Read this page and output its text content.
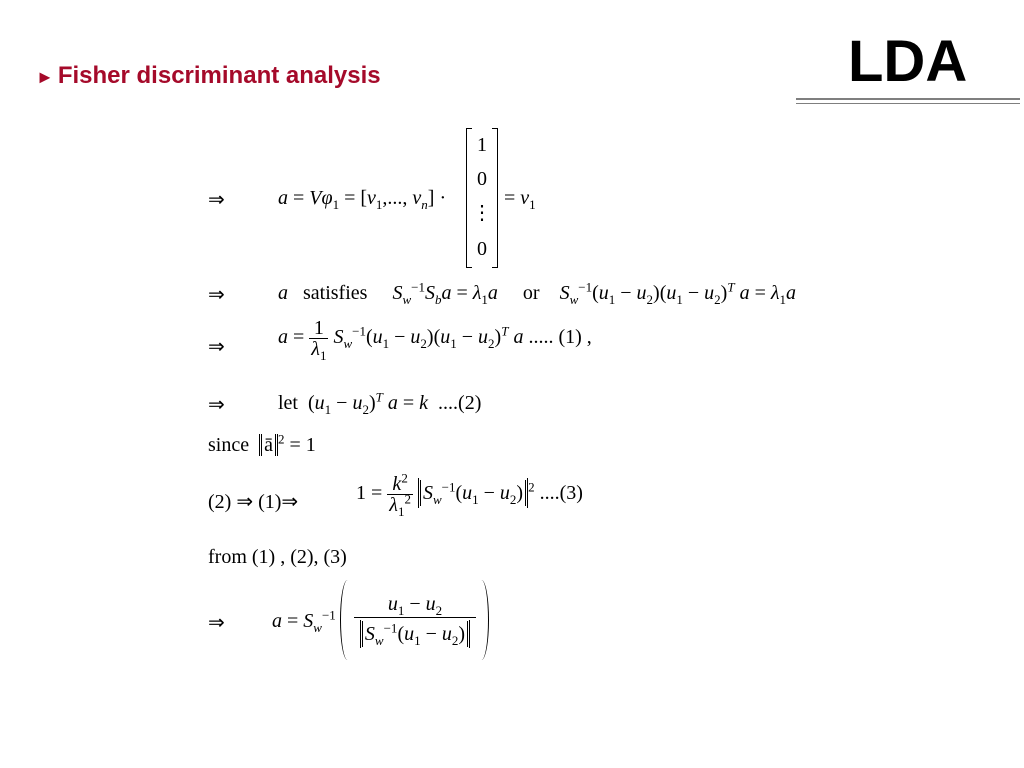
LDA
► Fisher discriminant analysis
⇒	$a = V\varphi_1 = [v_1$,..., $v_n$] ·
1
0
⋮
0
= $v_1$
⇒	a satisfies $S_w^{-1}S_ba = \lambda_1a$ or $S_w^{-1}(u_1 - u_2)(u_1 - u_2)^T$ $a = \lambda_1a$
⇒	$a = \frac{1}{\lambda_1} S_w^{-1}(u_1 - u_2)(u_1 - u_2)^T$ a ..... (1) ,
⇒	let  $(u_1 - u_2)^T$ a = k ....(2)
since ā $^2$ = 1
(2) ⇒ (1)⇒	$1 = \frac{k^2}{\lambda_1^2} S_w^{-1}(u_1 - u_2)$ $^2$ ....(3)
from (1) , (2), (3)
⇒ $a = S_w^{-1}$	$u_1 - u_2$
$S_w^{-1}(u_1 - u_2)$
